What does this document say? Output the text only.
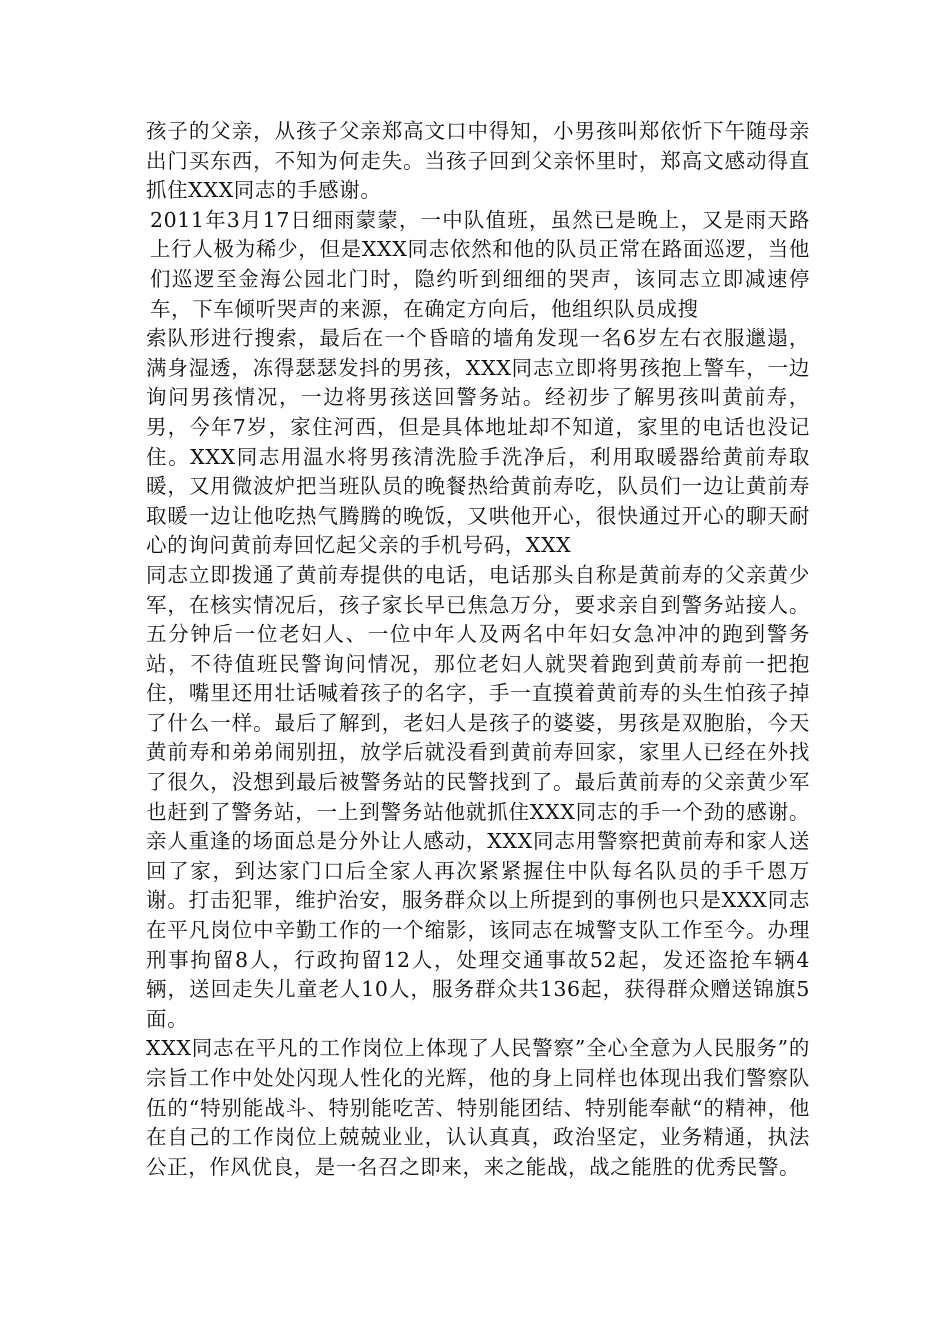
孩子的父亲，从孩子父亲郑高文口中得知，小男孩叫郑依忻下午随母亲出门买东西，不知为何走失。当孩子回到父亲怀里时，郑高文感动得直抓住XXX同志的手感谢。

2011年3月17日细雨蒙蒙，一中队值班，虽然已是晚上，又是雨天路上行人极为稀少，但是XXX同志依然和他的队员正常在路面巡逻，当他们巡逻至金海公园北门时，隐约听到细细的哭声，该同志立即减速停车，下车倾听哭声的来源，在确定方向后，他组织队员成搜

索队形进行搜索，最后在一个昏暗的墙角发现一名6岁左右衣服邋遢，满身湿透，冻得瑟瑟发抖的男孩，XXX同志立即将男孩抱上警车，一边询问男孩情况，一边将男孩送回警务站。经初步了解男孩叫黄前寿，男，今年7岁，家住河西，但是具体地址却不知道，家里的电话也没记住。XXX同志用温水将男孩清洗脸手洗净后，利用取暖器给黄前寿取暖，又用微波炉把当班队员的晚餐热给黄前寿吃，队员们一边让黄前寿取暖一边让他吃热气腾腾的晚饭，又哄他开心，很快通过开心的聊天耐心的询问黄前寿回忆起父亲的手机号码，XXX

同志立即拨通了黄前寿提供的电话，电话那头自称是黄前寿的父亲黄少军，在核实情况后，孩子家长早已焦急万分，要求亲自到警务站接人。五分钟后一位老妇人、一位中年人及两名中年妇女急冲冲的跑到警务站，不待值班民警询问情况，那位老妇人就哭着跑到黄前寿前一把抱住，嘴里还用壮话喊着孩子的名字，手一直摸着黄前寿的头生怕孩子掉了什么一样。最后了解到，老妇人是孩子的婆婆，男孩是双胞胎，今天黄前寿和弟弟闹别扭，放学后就没看到黄前寿回家，家里人已经在外找了很久，没想到最后被警务站的民警找到了。最后黄前寿的父亲黄少军也赶到了警务站，一上到警务站他就抓住XXX同志的手一个劲的感谢。亲人重逢的场面总是分外让人感动，XXX同志用警察把黄前寿和家人送回了家，到达家门口后全家人再次紧紧握住中队每名队员的手千恩万谢。打击犯罪，维护治安，服务群众以上所提到的事例也只是XXX同志在平凡岗位中辛勤工作的一个缩影，该同志在城警支队工作至今。办理刑事拘留8人，行政拘留12人，处理交通事故52起，发还盗抢车辆4辆，送回走失儿童老人10人，服务群众共136起，获得群众赠送锦旗5面。

XXX同志在平凡的工作岗位上体现了人民警察”全心全意为人民服务”的宗旨工作中处处闪现人性化的光辉，他的身上同样也体现出我们警察队伍的“特别能战斗、特别能吃苦、特别能团结、特别能奉献“的精神，他在自己的工作岗位上兢兢业业，认认真真，政治坚定，业务精通，执法公正，作风优良，是一名召之即来，来之能战，战之能胜的优秀民警。
